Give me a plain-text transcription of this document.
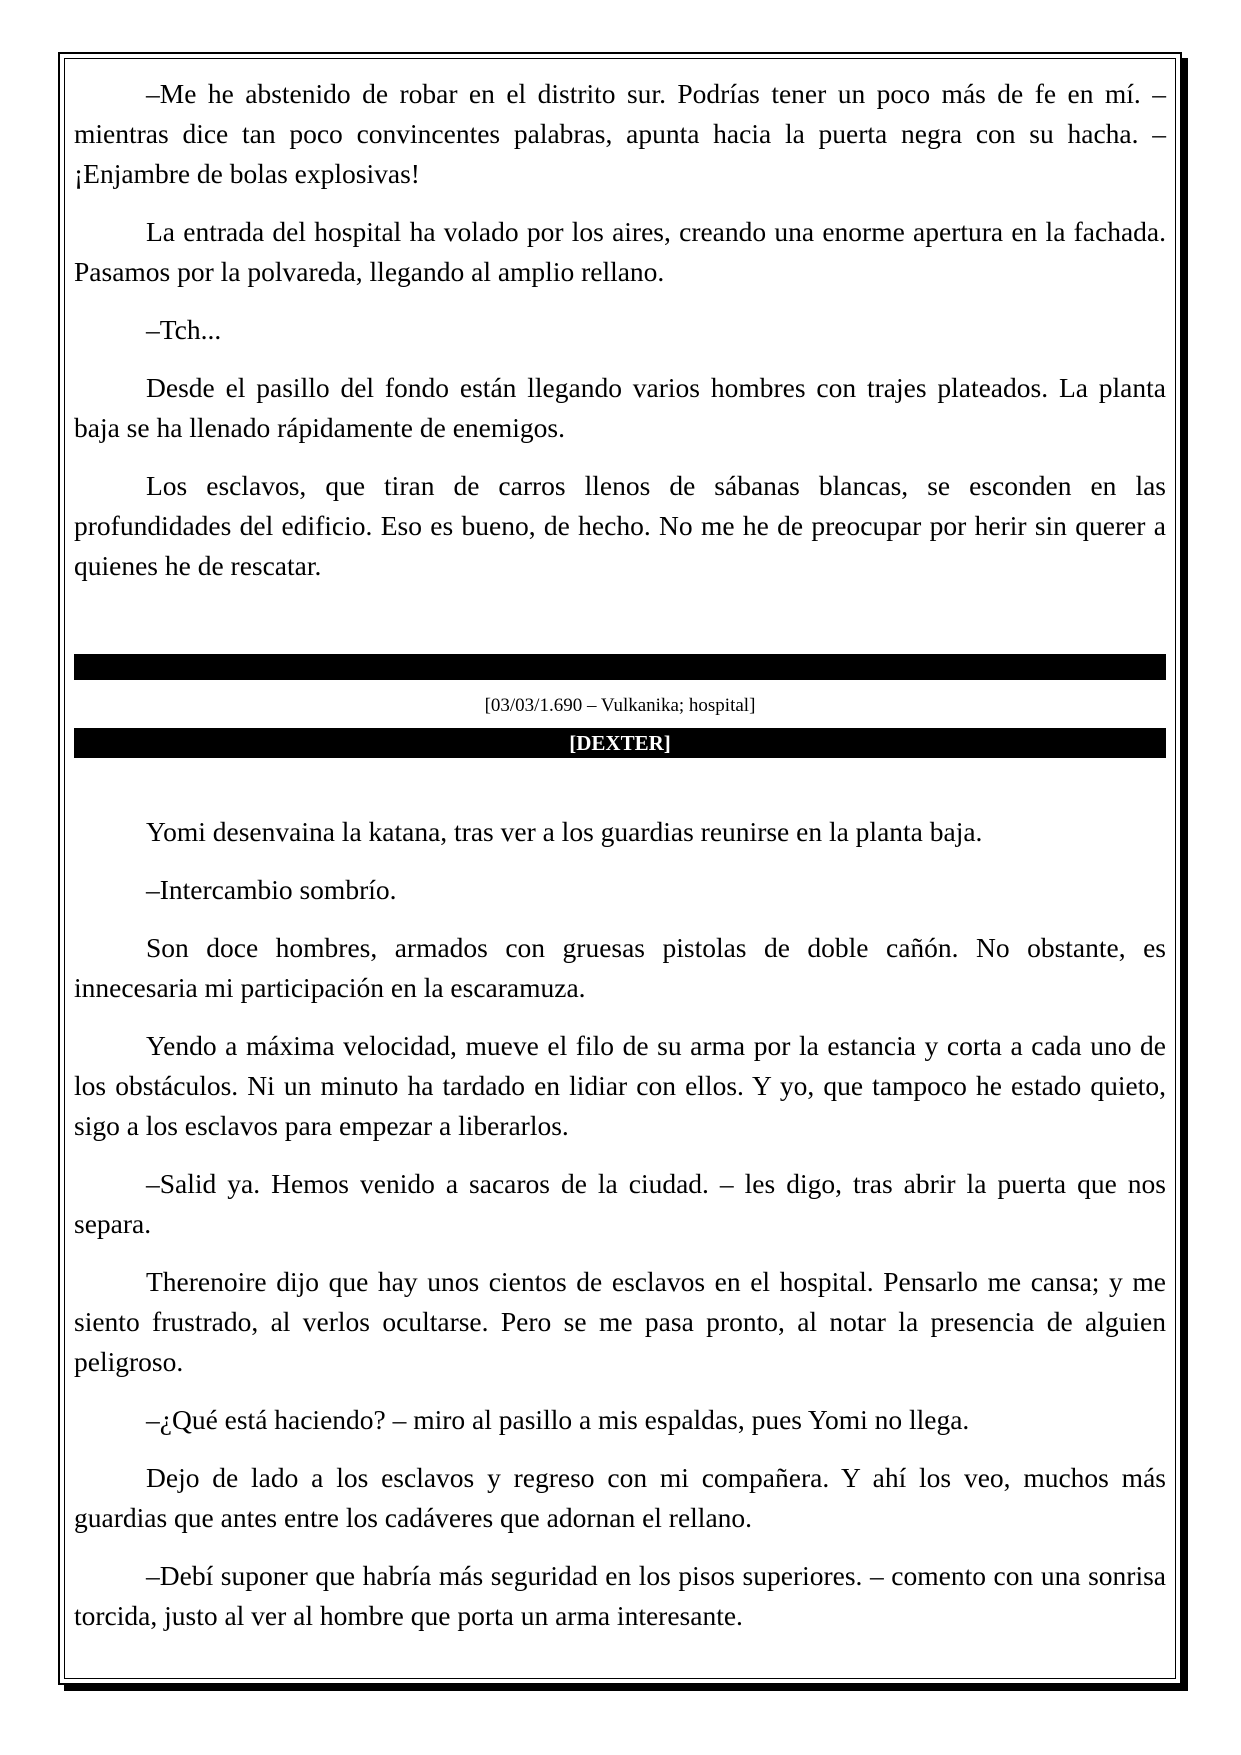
–Me he abstenido de robar en el distrito sur. Podrías tener un poco más de fe en mí. – mientras dice tan poco convincentes palabras, apunta hacia la puerta negra con su hacha. –¡Enjambre de bolas explosivas!

La entrada del hospital ha volado por los aires, creando una enorme apertura en la fachada. Pasamos por la polvareda, llegando al amplio rellano.

–Tch...

Desde el pasillo del fondo están llegando varios hombres con trajes plateados. La planta baja se ha llenado rápidamente de enemigos.

Los esclavos, que tiran de carros llenos de sábanas blancas, se esconden en las profundidades del edificio. Eso es bueno, de hecho. No me he de preocupar por herir sin querer a quienes he de rescatar.

[03/03/1.690 – Vulkanika; hospital]
[DEXTER]

Yomi desenvaina la katana, tras ver a los guardias reunirse en la planta baja.

–Intercambio sombrío.

Son doce hombres, armados con gruesas pistolas de doble cañón. No obstante, es innecesaria mi participación en la escaramuza.

Yendo a máxima velocidad, mueve el filo de su arma por la estancia y corta a cada uno de los obstáculos. Ni un minuto ha tardado en lidiar con ellos. Y yo, que tampoco he estado quieto, sigo a los esclavos para empezar a liberarlos.

–Salid ya. Hemos venido a sacaros de la ciudad. – les digo, tras abrir la puerta que nos separa.

Therenoire dijo que hay unos cientos de esclavos en el hospital. Pensarlo me cansa; y me siento frustrado, al verlos ocultarse. Pero se me pasa pronto, al notar la presencia de alguien peligroso.

–¿Qué está haciendo? – miro al pasillo a mis espaldas, pues Yomi no llega.

Dejo de lado a los esclavos y regreso con mi compañera. Y ahí los veo, muchos más guardias que antes entre los cadáveres que adornan el rellano.

–Debí suponer que habría más seguridad en los pisos superiores. – comento con una sonrisa torcida, justo al ver al hombre que porta un arma interesante.
